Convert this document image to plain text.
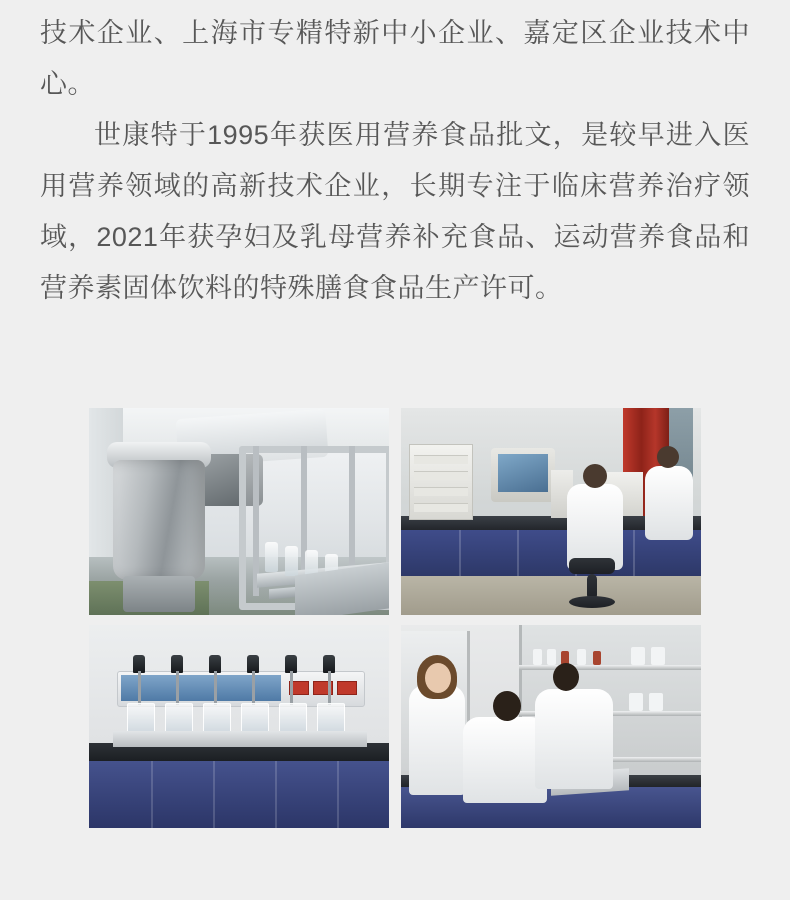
技术企业、上海市专精特新中小企业、嘉定区企业技术中心。

世康特于1995年获医用营养食品批文，是较早进入医用营养领域的高新技术企业，长期专注于临床营养治疗领域，2021年获孕妇及乳母营养补充食品、运动营养食品和营养素固体饮料的特殊膳食食品生产许可。
